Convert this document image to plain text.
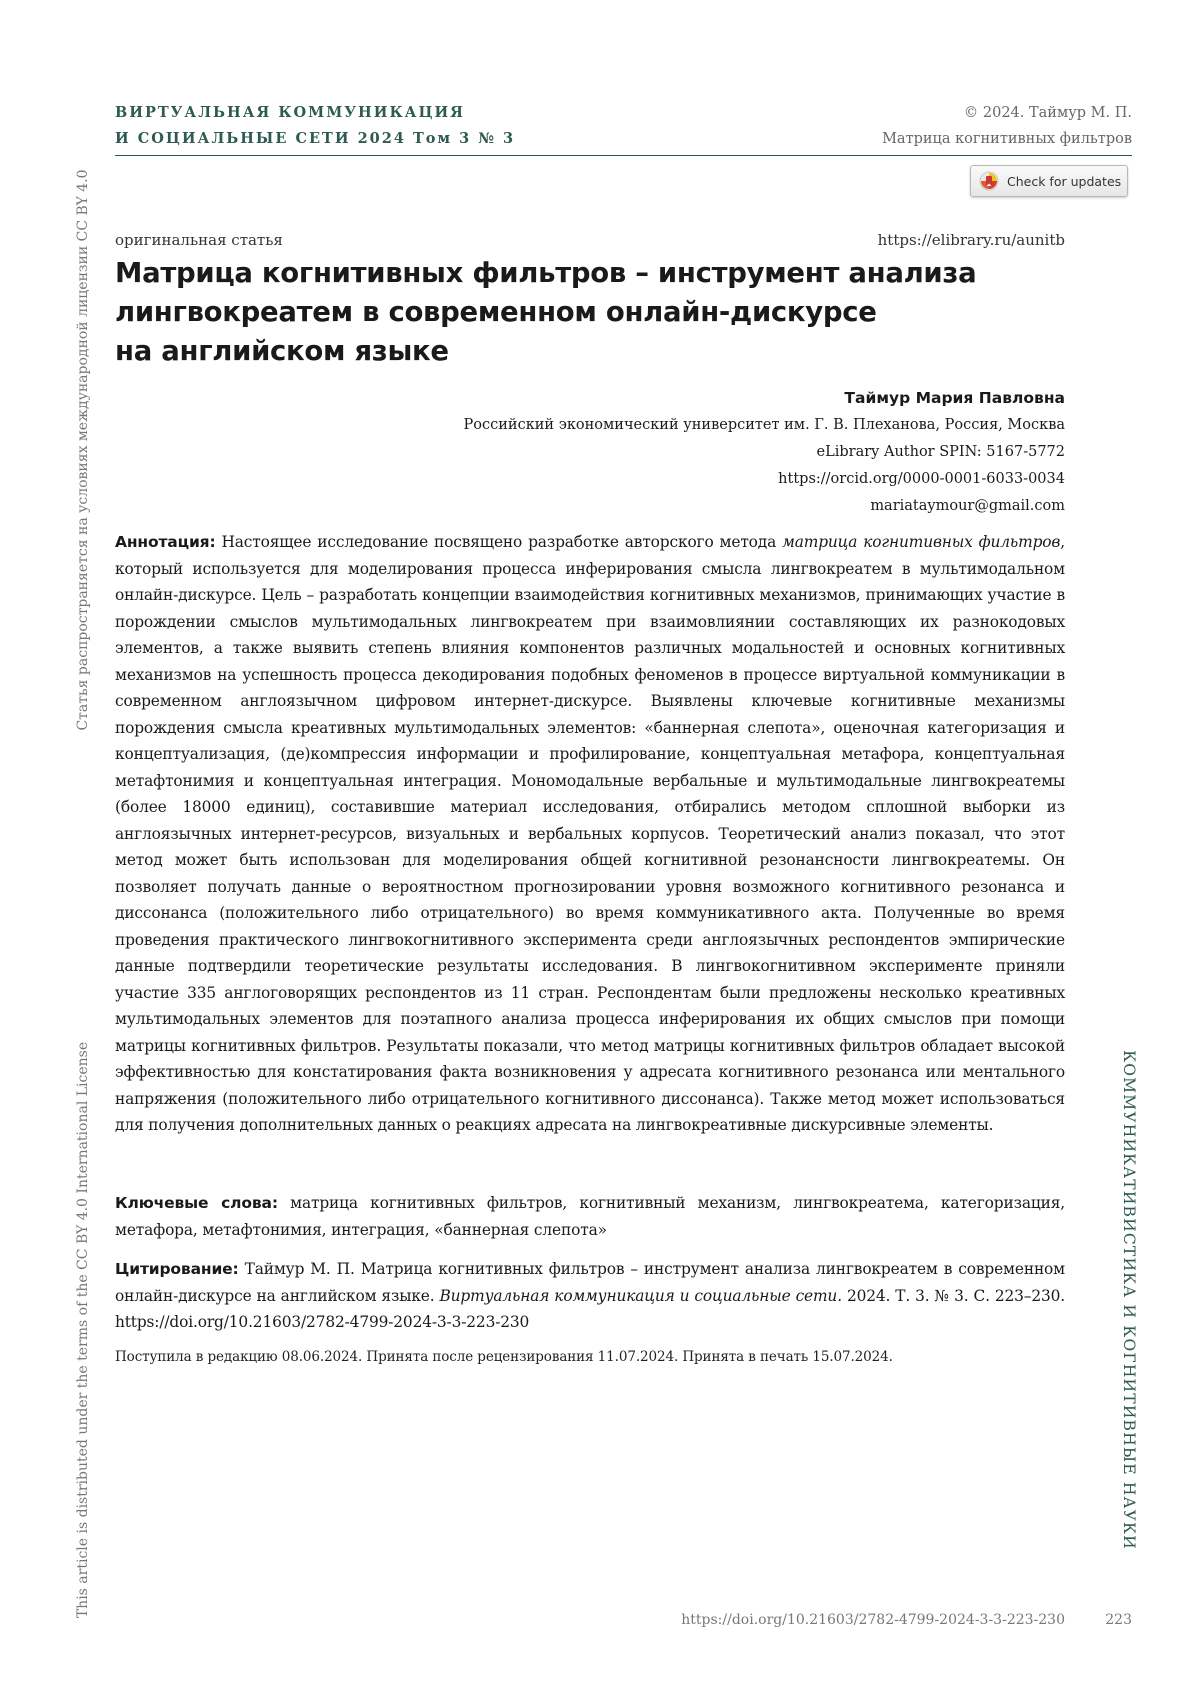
ВИРТУАЛЬНАЯ КОММУНИКАЦИЯ
И СОЦИАЛЬНЫЕ СЕТИ 2024 Том 3 № 3
© 2024. Таймур М. П.
Матрица когнитивных фильтров
Check for updates
оригинальная статья	https://elibrary.ru/aunitb
Матрица когнитивных фильтров – инструмент анализа
лингвокреатем в современном онлайн-дискурсе
на английском языке
Таймур Мария Павловна
Российский экономический университет им. Г. В. Плеханова, Россия, Москва
eLibrary Author SPIN: 5167-5772
https://orcid.org/0000-0001-6033-0034
mariataymour@gmail.com
Аннотация: Настоящее исследование посвящено разработке авторского метода матрица когнитивных фильтров, который используется для моделирования процесса инферирования смысла лингвокреатем в мультимодальном онлайн-дискурсе. Цель – разработать концепции взаимодействия когнитивных механизмов, принимающих участие в порождении смыслов мультимодальных лингвокреатем при взаимовлиянии составляющих их разнокодовых элементов, а также выявить степень влияния компонентов различных модальностей и основных когнитивных механизмов на успешность процесса декодирования подобных феноменов в процессе виртуальной коммуникации в современном англоязычном цифровом интернет-дискурсе. Выявлены ключевые когнитивные механизмы порождения смысла креативных мультимодальных элементов: «баннерная слепота», оценочная категоризация и концептуализация, (де)компрессия информации и профилирование, концептуальная метафора, концептуальная метафтонимия и концептуальная интеграция. Мономодальные вербальные и мультимодальные лингвокреатемы (более 18000 единиц), составившие материал исследования, отбирались методом сплошной выборки из англоязычных интернет-ресурсов, визуальных и вербальных корпусов. Теоретический анализ показал, что этот метод может быть использован для моделирования общей когнитивной резонансности лингвокреатемы. Он позволяет получать данные о вероятностном прогнозировании уровня возможного когнитивного резонанса и диссонанса (положительного либо отрицательного) во время коммуникативного акта. Полученные во время проведения практического лингвокогнитивного эксперимента среди англоязычных респондентов эмпирические данные подтвердили теоретические результаты исследования. В лингвокогнитивном эксперименте приняли участие 335 англоговорящих респондентов из 11 стран. Респондентам были предложены несколько креативных мультимодальных элементов для поэтапного анализа процесса инферирования их общих смыслов при помощи матрицы когнитивных фильтров. Результаты показали, что метод матрицы когнитивных фильтров обладает высокой эффективностью для констатирования факта возникновения у адресата когнитивного резонанса или ментального напряжения (положительного либо отрицательного когнитивного диссонанса). Также метод может использоваться для получения дополнительных данных о реакциях адресата на лингвокреативные дискурсивные элементы.
Ключевые слова: матрица когнитивных фильтров, когнитивный механизм, лингвокреатема, категоризация, метафора, метафтонимия, интеграция, «баннерная слепота»
Цитирование: Таймур М. П. Матрица когнитивных фильтров – инструмент анализа лингвокреатем в современном онлайн-дискурсе на английском языке. Виртуальная коммуникация и социальные сети. 2024. Т. 3. № 3. С. 223–230. https://doi.org/10.21603/2782-4799-2024-3-3-223-230
Поступила в редакцию 08.06.2024. Принята после рецензирования 11.07.2024. Принята в печать 15.07.2024.
Статья распространяется на условиях международной лицензии CC BY 4.0
This article is distributed under the terms of the CC BY 4.0 International License	КОММУНИКАТИВИСТИКА И КОГНИТИВНЫЕ НАУКИ
https://doi.org/10.21603/2782-4799-2024-3-3-223-230	223
